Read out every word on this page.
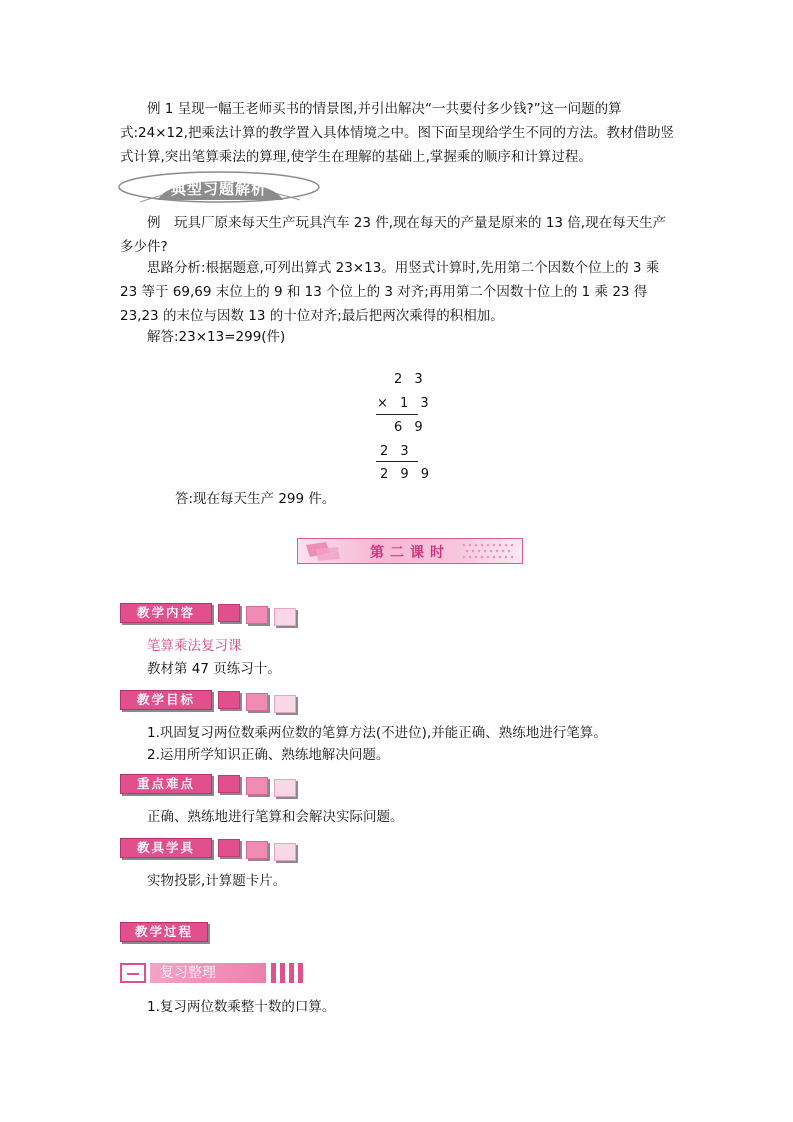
例 1 呈现一幅王老师买书的情景图,并引出解决“一共要付多少钱?”这一问题的算式:24×12,把乘法计算的教学置入具体情境之中。图下面呈现给学生不同的方法。教材借助竖式计算,突出笔算乘法的算理,使学生在理解的基础上,掌握乘的顺序和计算过程。

典型习题解析

例　玩具厂原来每天生产玩具汽车 23 件,现在每天的产量是原来的 13 倍,现在每天生产多少件?

思路分析:根据题意,可列出算式 23×13。用竖式计算时,先用第二个因数个位上的 3 乘 23 等于 69,69 末位上的 9 和 13 个位上的 3 对齐;再用第二个因数十位上的 1 乘 23 得 23,23 的末位与因数 13 的十位对齐;最后把两次乘得的积相加。

解答:23×13=299(件)
2 3
× 1 3
6 9
2 3
2 9 9
答:现在每天生产 299 件。
第二课时
教学内容
笔算乘法复习课
教材第 47 页练习十。
教学目标
1.巩固复习两位数乘两位数的笔算方法(不进位),并能正确、熟练地进行笔算。
2.运用所学知识正确、熟练地解决问题。
重点难点
正确、熟练地进行笔算和会解决实际问题。
教具学具
实物投影,计算题卡片。
教学过程
复习整理
1.复习两位数乘整十数的口算。
